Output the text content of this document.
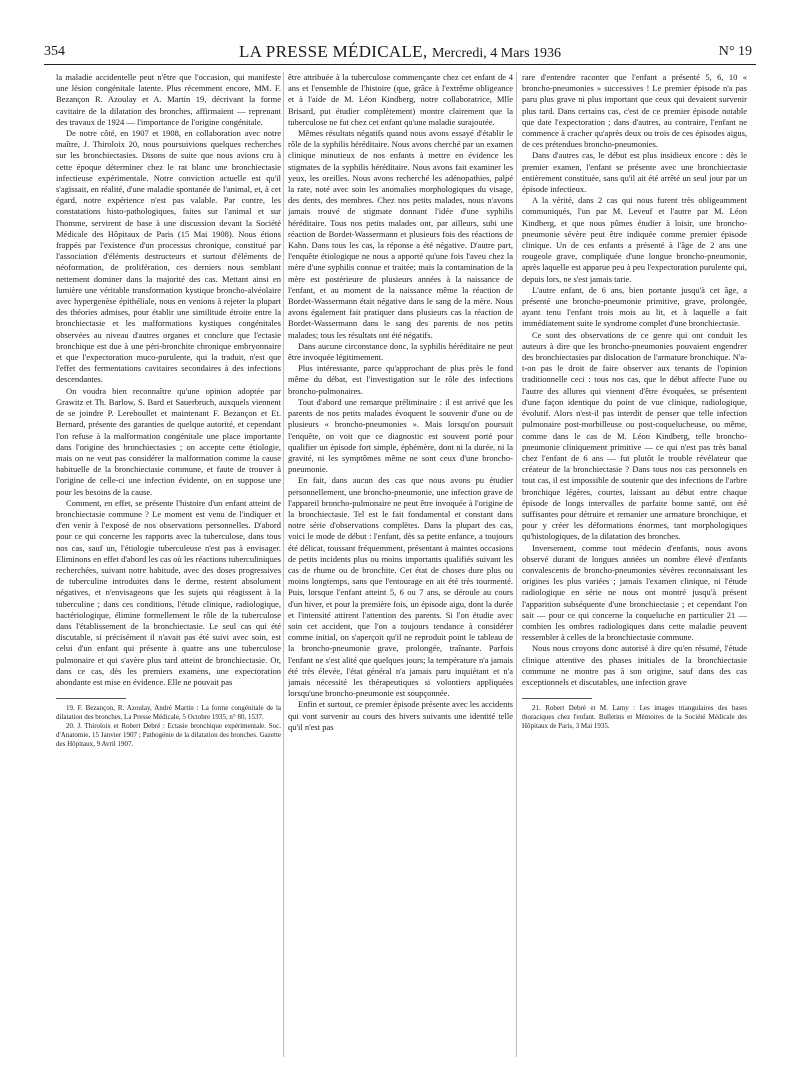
354	LA PRESSE MÉDICALE, Mercredi, 4 Mars 1936	N° 19

la maladie accidentelle peut n'être que l'occasion, qui manifeste une lésion congénitale latente. Plus récemment encore, MM. F. Bezançon R. Azoulay et A. Martin 19, décrivant la forme cavitaire de la dilatation des bronches, affirmaient — reprenant des travaux de 1924 — l'importance de l'origine congénitale.

De notre côté, en 1907 et 1908, en collaboration avec notre maître, J. Thiroloix 20, nous poursuivions quelques recherches sur les bronchiectasies. Disons de suite que nous avions cru à cette époque déterminer chez le rat blanc une bronchiectasie infectieuse expérimentale. Notre conviction actuelle est qu'il s'agissait, en réalité, d'une maladie spontanée de l'animal, et, à cet égard, notre expérience n'est pas valable. Par contre, les constatations histo-pathologiques, faites sur l'animal et sur l'homme, servirent de base à une discussion devant la Société Médicale des Hôpitaux de Paris (15 Mai 1908). Nous étions frappés par l'existence d'un processus chronique, constitué par l'association d'éléments destructeurs et surtout d'éléments de néoformation, de prolifération, ces derniers nous semblant nettement dominer dans la majorité des cas. Mettant ainsi en lumière une véritable transformation kystique broncho-alvéolaire avec hypergenèse épithéliale, nous en venions à rejeter la plupart des théories admises, pour établir une similitude étroite entre la bronchiectasie et les malformations kystiques congénitales observées au niveau d'autres organes et conclure que l'ectasie bronchique est due à une péri-bronchite chronique embryonnaire et que l'expectoration muco-purulente, qui la traduit, n'est que l'effet des fermentations cavitaires secondaires à des infections descendantes.

On voudra bien reconnaître qu'une opinion adoptée par Grawitz et Th. Barlow, S. Bard et Sauerbruch, auxquels viennent de se joindre P. Lereboullet et maintenant F. Bezançon et Et. Bernard, présente des garanties de quelque autorité, et cependant l'on refuse à la malformation congénitale une place importante dans l'origine des bronchiectasies ; on accepte cette étiologie, mais on ne veut pas considérer la malformation comme la cause habituelle de la bronchiectasie commune, et faute de trouver à l'origine de celle-ci une infection évidente, on en suppose une pour les besoins de la cause.

Comment, en effet, se présente l'histoire d'un enfant atteint de bronchiectasie commune ? Le moment est venu de l'indiquer et d'en venir à l'exposé de nos observations personnelles. D'abord pour ce qui concerne les rapports avec la tuberculose, dans tous nos cas, sauf un, l'étiologie tuberculeuse n'est pas à envisager. Eliminons en effet d'abord les cas où les réactions tuberculiniques recherchées, suivant notre habitude, avec des doses progressives de tuberculine introduites dans le derme, restent absolument négatives, et n'envisageons que les sujets qui réagissent à la tuberculine ; dans ces conditions, l'étude clinique, radiologique, bactériologique, élimine formellement le rôle de la tuberculose dans l'établissement de la bronchiectasie. Le seul cas qui été discutable, si précisément il n'avait pas été suivi avec soin, est celui d'un enfant qui présente à quatre ans une tuberculose pulmonaire et qui s'avère plus tard atteint de bronchiectasie. Or, dans ce cas, dès les premiers examens, une expectoration abondante est mise en évidence. Elle ne pouvait pas

19. F. Bezançon, R. Azoulay, André Martin : La forme congénitale de la dilatation des bronches. La Presse Médicale, 5 Octobre 1935, n° 80, 1537.

20. J. Thiroloix et Robert Debré : Ectasie bronchique expérimentale. Soc. d'Anatomie, 15 Janvier 1907 ; Pathogénie de la dilatation des bronches. Gazette des Hôpitaux, 9 Avril 1907.

être attribuée à la tuberculose commençante chez cet enfant de 4 ans et l'ensemble de l'histoire (que, grâce à l'extrême obligeance et à l'aide de M. Léon Kindberg, notre collaboratrice, Mlle Brisard, put étudier complètement) montre clairement que la tuberculose ne fut chez cet enfant qu'une maladie surajoutée.

Mêmes résultats négatifs quand nous avons essayé d'établir le rôle de la syphilis héréditaire. Nous avons cherché par un examen clinique minutieux de nos enfants à mettre en évidence les stigmates de la syphilis héréditaire. Nous avons fait examiner les yeux, les oreilles. Nous avons recherché les adénopathies, palpé la rate, noté avec soin les anomalies morphologiques du visage, des dents, des membres. Chez nos petits malades, nous n'avons jamais trouvé de stigmate donnant l'idée d'une syphilis héréditaire. Tous nos petits malades ont, par ailleurs, subi une réaction de Bordet-Wassermann et plusieurs fois des réactions de Kahn. Dans tous les cas, la réponse a été négative. D'autre part, l'enquête étiologique ne nous a apporté qu'une fois l'aveu chez la mère d'une syphilis connue et traitée; mais la contamination de la mère est postérieure de plusieurs années à la naissance de l'enfant, et au moment de la naissance même la réaction de Bordet-Wassermann était négative dans le sang de la mère. Nous avons également fait pratiquer dans plusieurs cas la réaction de Bordet-Wassermann dans le sang des parents de nos petits malades; tous les résultats ont été négatifs.

Dans aucune circonstance donc, la syphilis héréditaire ne peut être invoquée légitimement.

Plus intéressante, parce qu'approchant de plus près le fond même du débat, est l'investigation sur le rôle des infections broncho-pulmonaires.

Tout d'abord une remarque préliminaire : il est arrivé que les parents de nos petits malades évoquent le souvenir d'une ou de plusieurs « broncho-pneumonies ». Mais lorsqu'on poursuit l'enquête, on voit que ce diagnostic est souvent porté pour qualifier un épisode fort simple, éphémère, dont ni la durée, ni la gravité, ni les symptômes même ne sont ceux d'une broncho-pneumonie.

En fait, dans aucun des cas que nous avons pu étudier personnellement, une broncho-pneumonie, une infection grave de l'appareil broncho-pulmonaire ne peut être invoquée à l'origine de la bronchiectasie. Tel est le fait fondamental et constant dans notre série d'observations complètes. Dans la plupart des cas, voici le mode de début : l'enfant, dès sa petite enfance, a toujours été délicat, toussant fréquemment, présentant à maintes occasions de petits incidents plus ou moins importants qualifiés suivant les cas de rhume ou de bronchite. Cet état de choses dure plus ou moins longtemps, sans que l'entourage en ait été très tourmenté. Puis, lorsque l'enfant atteint 5, 6 ou 7 ans, se déroule au cours d'un hiver, et pour la première fois, un épisode aigu, dont la durée et l'intensité attirent l'attention des parents. Si l'on étudie avec soin cet accident, que l'on a toujours tendance à considérer comme initial, on s'aperçoit qu'il ne reproduit point le tableau de la broncho-pneumonie grave, prolongée, traînante. Parfois l'enfant ne s'est alité que quelques jours; la température n'a jamais été très élevée, l'état général n'a jamais paru inquiétant et n'a jamais nécessité les thérapeutiques si volontiers appliquées lorsqu'une broncho-pneumonie est soupçonnée.

Enfin et surtout, ce premier épisode présente avec les accidents qui vont survenir au cours des hivers suivants une identité telle qu'il n'est pas

rare d'entendre raconter que l'enfant a présenté 5, 6, 10 « broncho-pneumonies » successives ! Le premier épisode n'a pas paru plus grave ni plus important que ceux qui devaient survenir plus tard. Dans certains cas, c'est de ce premier épisode notable que date l'expectoration ; dans d'autres, au contraire, l'enfant ne commence à cracher qu'après deux ou trois de ces épisodes aigus, de ces prétendues broncho-pneumonies.

Dans d'autres cas, le début est plus insidieux encore : dès le premier examen, l'enfant se présente avec une bronchiectasie entièrement constituée, sans qu'il ait été arrêté un seul jour par un épisode infectieux.

A la vérité, dans 2 cas qui nous furent très obligeamment communiqués, l'un par M. Leveuf et l'autre par M. Léon Kindberg, et que nous pûmes étudier à loisir, une broncho-pneumonie sévère peut être indiquée comme premier épisode clinique. Un de ces enfants a présenté à l'âge de 2 ans une rougeole grave, compliquée d'une longue broncho-pneumonie, après laquelle est apparue peu à peu l'expectoration purulente qui, depuis lors, ne s'est jamais tarie.

L'autre enfant, de 6 ans, bien portante jusqu'à cet âge, a présenté une broncho-pneumonie primitive, grave, prolongée, ayant tenu l'enfant trois mois au lit, et à laquelle a fait immédiatement suite le syndrome complet d'une bronchiectasie.

Ce sont des observations de ce genre qui ont conduit les auteurs à dire que les broncho-pneumonies pouvaient engendrer des bronchiectasies par dislocation de l'armature bronchique. N'a-t-on pas le droit de faire observer aux tenants de l'opinion traditionnelle ceci : tous nos cas, que le début affecte l'une ou l'autre des allures qui viennent d'être évoquées, se présentent d'une façon identique du point de vue clinique, radiologique, évolutif. Alors n'est-il pas interdit de penser que telle infection pulmonaire post-morbilleuse ou post-coquelucheuse, ou même, comme dans le cas de M. Léon Kindberg, telle broncho-pneumonie cliniquement primitive — ce qui n'est pas très banal chez l'enfant de 6 ans — fut plutôt le trouble révélateur que créateur de la bronchiectasie ? Dans tous nos cas personnels en tout cas, il est impossible de soutenir que des infections de l'arbre bronchique légères, courtes, laissant au début entre chaque épisode de longs intervalles de parfaite bonne santé, ont été suffisantes pour détruire et remanier une armature bronchique, et pour y créer les déformations énormes, tant morphologiques qu'histologiques, de la dilatation des bronches.

Inversement, comme tout médecin d'enfants, nous avons observé durant de longues années un nombre élevé d'enfants convalescents de broncho-pneumonies sévères reconnaissant les origines les plus variées ; jamais l'examen clinique, ni l'étude radiologique en série ne nous ont montré jusqu'à présent l'apparition subséquente d'une bronchiectasie ; et cependant l'on sait — pour ce qui concerne la coqueluche en particulier 21 — combien les ombres radiologiques dans cette maladie peuvent ressembler à celles de la bronchiectasie commune.

Nous nous croyons donc autorisé à dire qu'en résumé, l'étude clinique attentive des phases initiales de la bronchiectasie commune ne montre pas à son origine, sauf dans des cas exceptionnels et discutables, une infection grave

21. Robert Debré et M. Lamy : Les images triangulaires des bases thoraciques chez l'enfant. Bulletins et Mémoires de la Société Médicale des Hôpitaux de Paris, 3 Mai 1935.
